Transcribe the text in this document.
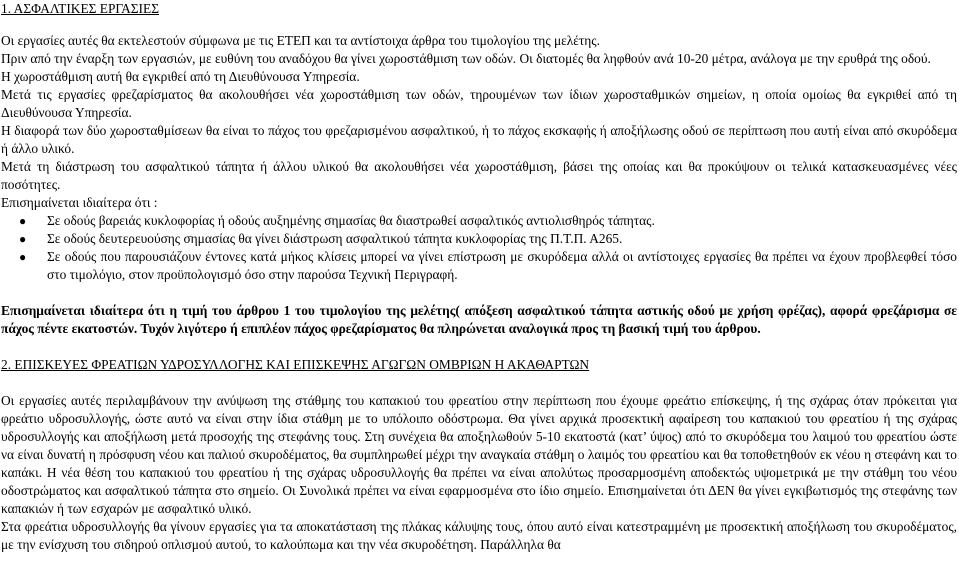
1. ΑΣΦΑΛΤΙΚΕΣ ΕΡΓΑΣΙΕΣ

Οι εργασίες αυτές θα εκτελεστούν σύμφωνα με τις ΕΤΕΠ και τα αντίστοιχα άρθρα του τιμολογίου της μελέτης.

Πριν από την έναρξη των εργασιών, με ευθύνη του αναδόχου θα γίνει χωροστάθμιση των οδών. Οι διατομές θα ληφθούν ανά 10-20 μέτρα, ανάλογα με την ερυθρά της οδού.

Η χωροστάθμιση αυτή θα εγκριθεί από τη Διευθύνουσα Υπηρεσία.

Μετά τις εργασίες φρεζαρίσματος θα ακολουθήσει νέα χωροστάθμιση των οδών, τηρουμένων των ίδιων χωροσταθμικών σημείων, η οποία ομοίως θα εγκριθεί από τη Διευθύνουσα Υπηρεσία.

Η διαφορά των δύο χωροσταθμίσεων θα είναι το πάχος του φρεζαρισμένου ασφαλτικού, ή το πάχος εκσκαφής ή αποξήλωσης οδού σε περίπτωση που αυτή είναι από σκυρόδεμα ή άλλο υλικό.

Μετά τη διάστρωση του ασφαλτικού τάπητα ή άλλου υλικού θα ακολουθήσει νέα χωροστάθμιση, βάσει της οποίας και θα προκύψουν οι τελικά κατασκευασμένες νέες ποσότητες.

Επισημαίνεται ιδιαίτερα ότι :

● Σε οδούς βαρειάς κυκλοφορίας ή οδούς αυξημένης σημασίας θα διαστρωθεί ασφαλτικός αντιολισθηρός τάπητας.
● Σε οδούς δευτερευούσης σημασίας θα γίνει διάστρωση ασφαλτικού τάπητα κυκλοφορίας της Π.Τ.Π. Α265.
● Σε οδούς που παρουσιάζουν έντονες κατά μήκος κλίσεις μπορεί να γίνει επίστρωση με σκυρόδεμα αλλά οι αντίστοιχες εργασίες θα πρέπει να έχουν προβλεφθεί τόσο στο τιμολόγιο, στον προϋπολογισμό όσο στην παρούσα Τεχνική Περιγραφή.

Επισημαίνεται ιδιαίτερα ότι η τιμή του άρθρου 1 του τιμολογίου της μελέτης( απόξεση ασφαλτικού τάπητα αστικής οδού με χρήση φρέζας), αφορά φρεζάρισμα σε πάχος πέντε εκατοστών. Τυχόν λιγότερο ή επιπλέον πάχος φρεζαρίσματος θα πληρώνεται αναλογικά προς τη βασική τιμή του άρθρου.

2. ΕΠΙΣΚΕΥΕΣ ΦΡΕΑΤΙΩΝ ΥΔΡΟΣΥΛΛΟΓΗΣ ΚΑΙ ΕΠΙΣΚΕΨΗΣ ΑΓΩΓΩΝ ΟΜΒΡΙΩΝ Η ΑΚΑΘΑΡΤΩΝ

Οι εργασίες αυτές περιλαμβάνουν την ανύψωση της στάθμης του καπακιού του φρεατίου στην περίπτωση που έχουμε φρεάτιο επίσκεψης, ή της σχάρας όταν πρόκειται για φρεάτιο υδροσυλλογής, ώστε αυτό να είναι στην ίδια στάθμη με το υπόλοιπο οδόστρωμα. Θα γίνει αρχικά προσεκτική αφαίρεση του καπακιού του φρεατίου ή της σχάρας υδροσυλλογής και αποξήλωση μετά προσοχής της στεφάνης τους. Στη συνέχεια θα αποξηλωθούν 5-10 εκατοστά (κατ’ ύψος) από το σκυρόδεμα του λαιμού του φρεατίου ώστε να είναι δυνατή η πρόσφυση νέου και παλιού σκυροδέματος, θα συμπληρωθεί μέχρι την αναγκαία στάθμη ο λαιμός του φρεατίου και θα τοποθετηθούν εκ νέου η στεφάνη και το καπάκι. Η νέα θέση του καπακιού του φρεατίου ή της σχάρας υδροσυλλογής θα πρέπει να είναι απολύτως προσαρμοσμένη αποδεκτώς υψομετρικά με την στάθμη του νέου οδοστρώματος και ασφαλτικού τάπητα στο σημείο. Οι Συνολικά πρέπει να είναι εφαρμοσμένα στο ίδιο σημείο. Επισημαίνεται ότι ΔΕΝ θα γίνει εγκιβωτισμός της στεφάνης των καπακιών ή των εσχαρών με ασφαλτικό υλικό.

Στα φρεάτια υδροσυλλογής θα γίνουν εργασίες για τα αποκατάσταση της πλάκας κάλυψης τους, όπου αυτό είναι κατεστραμμένη με προσεκτική αποξήλωση του σκυροδέματος, με την ενίσχυση του σιδηρού οπλισμού αυτού, το καλούπωμα και την νέα σκυροδέτηση. Παράλληλα θα
